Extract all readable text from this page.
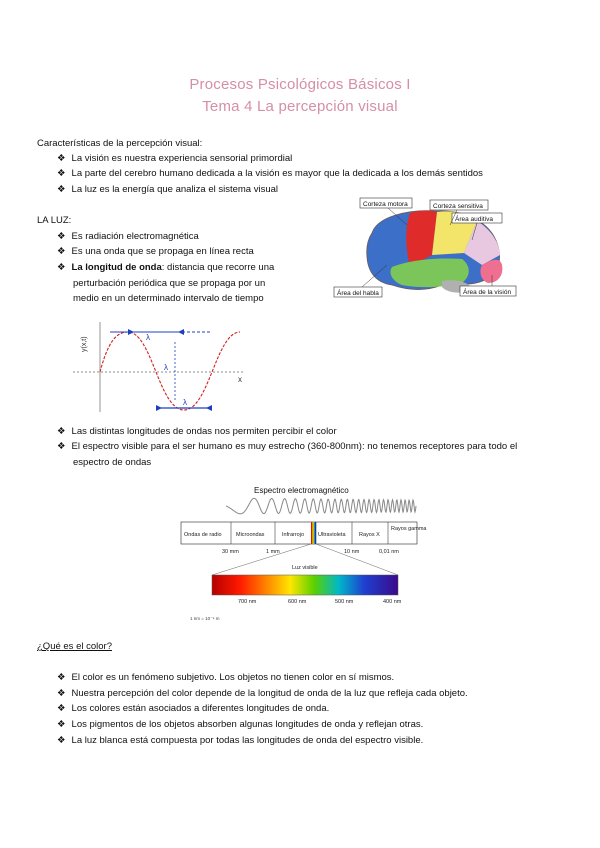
Procesos Psicológicos Básicos I
Tema 4 La percepción visual
Características de la percepción visual:
❖ La visión es nuestra experiencia sensorial primordial
❖ La parte del cerebro humano dedicada a la visión es mayor que la dedicada a los demás sentidos
❖ La luz es la energía que analiza el sistema visual
LA LUZ:
❖ Es radiación electromagnética
❖ Es una onda que se propaga en línea recta
❖ La longitud de onda: distancia que recorre una
perturbación periódica que se propaga por un
medio en un determinado intervalo de tiempo
Corteza motora	Corteza sensitiva
Área auditiva
Área del habla	Área de la visión
y(x,t)	λ
λ
λ
x
❖ Las distintas longitudes de ondas nos permiten percibir el color
❖ El espectro visible para el ser humano es muy estrecho (360-800nm): no tenemos receptores para todo el
espectro de ondas
Espectro electromagnético
Ondas de radio	Microondas	Infrarrojo	Ultravioleta Rayos X
Rayos gamma
30 mm	1 mm	10 nm	0,01 nm
Luz visible
700 nm	600 nm	500 nm	400 nm
1 nm = 10⁻⁹ m
¿Qué es el color?
❖ El color es un fenómeno subjetivo. Los objetos no tienen color en sí mismos.
❖ Nuestra percepción del color depende de la longitud de onda de la luz que refleja cada objeto.
❖ Los colores están asociados a diferentes longitudes de onda.
❖ Los pigmentos de los objetos absorben algunas longitudes de onda y reflejan otras.
❖ La luz blanca está compuesta por todas las longitudes de onda del espectro visible.
